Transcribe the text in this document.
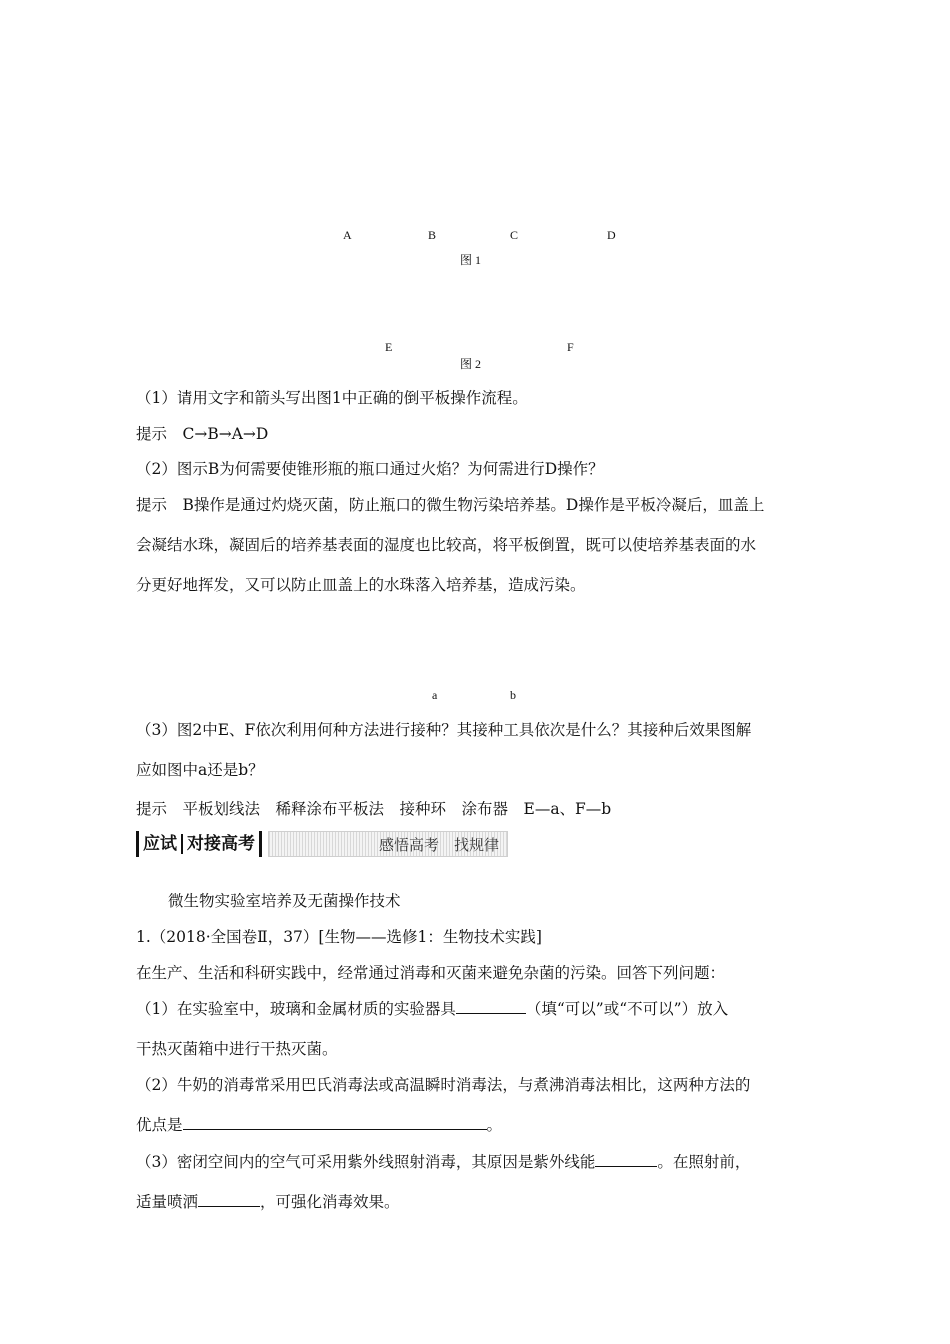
A	B	C	D
图 1
E	F
图 2
（1）请用文字和箭头写出图1中正确的倒平板操作流程。
提示　C→B→A→D
（2）图示B为何需要使锥形瓶的瓶口通过火焰？为何需进行D操作？
提示　B操作是通过灼烧灭菌，防止瓶口的微生物污染培养基。D操作是平板冷凝后，皿盖上
会凝结水珠，凝固后的培养基表面的湿度也比较高，将平板倒置，既可以使培养基表面的水
分更好地挥发，又可以防止皿盖上的水珠落入培养基，造成污染。
a	b
（3）图2中E、F依次利用何种方法进行接种？其接种工具依次是什么？其接种后效果图解
应如图中a还是b？
提示　平板划线法　稀释涂布平板法　接种环　涂布器　E—a、F—b
应试 对接高考	感悟高考　找规律
微生物实验室培养及无菌操作技术
1.（2018·全国卷Ⅱ，37）[生物——选修1：生物技术实践]
在生产、生活和科研实践中，经常通过消毒和灭菌来避免杂菌的污染。回答下列问题：
（1）在实验室中，玻璃和金属材质的实验器具	（填“可以”或“不可以”）放入
干热灭菌箱中进行干热灭菌。
（2）牛奶的消毒常采用巴氏消毒法或高温瞬时消毒法，与煮沸消毒法相比，这两种方法的
优点是	。
（3）密闭空间内的空气可采用紫外线照射消毒，其原因是紫外线能	。在照射前，
适量喷洒	，可强化消毒效果。
